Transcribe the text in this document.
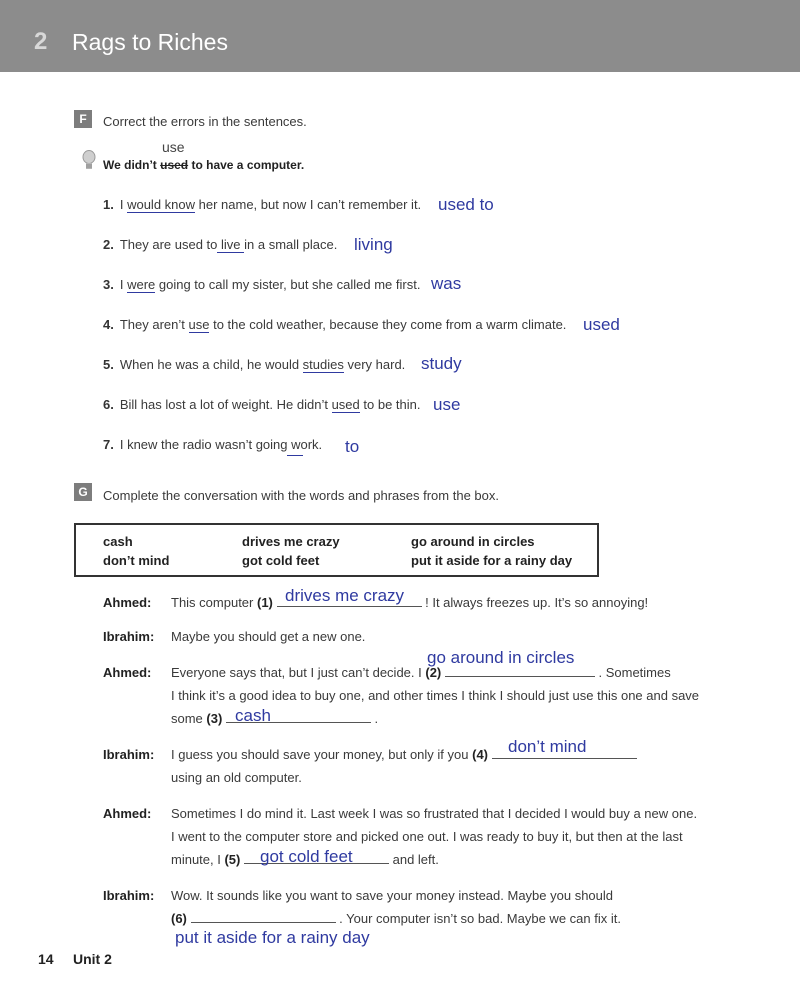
2 Rags to Riches
F	Correct the errors in the sentences.
use
We didn’t used to have a computer.
1. I would know her name, but now I can’t remember it. used to
2. They are used to live in a small place. living
3. I were going to call my sister, but she called me first. was
4. They aren’t use to the cold weather, because they come from a warm climate. used
5. When he was a child, he would studies very hard. study
6. Bill has lost a lot of weight. He didn’t used to be thin. use
7. I knew the radio wasn’t going work. to
G	Complete the conversation with the words and phrases from the box.
cash	drives me crazy	go around in circles
don’t mind	got cold feet	put it aside for a rainy day
Ahmed: This computer (1)	! It always freezes up. It’s so annoying!
drives me crazy
Ibrahim: Maybe you should get a new one.
Ahmed: Everyone says that, but I just can’t decide. I (2)	. Sometimes
go around in circles
I think it’s a good idea to buy one, and other times I think I should just use this one and save
some (3)	.
cash
Ibrahim: I guess you should save your money, but only if you (4)	don’t mind
using an old computer.
Ahmed: Sometimes I do mind it. Last week I was so frustrated that I decided I would buy a new one.
I went to the computer store and picked one out. I was ready to buy it, but then at the last
minute, I (5)	and left.
got cold feet
Ibrahim: Wow. It sounds like you want to save your money instead. Maybe you should
(6)	. Your computer isn’t so bad. Maybe we can fix it.
put it aside for a rainy day
14 Unit 2
